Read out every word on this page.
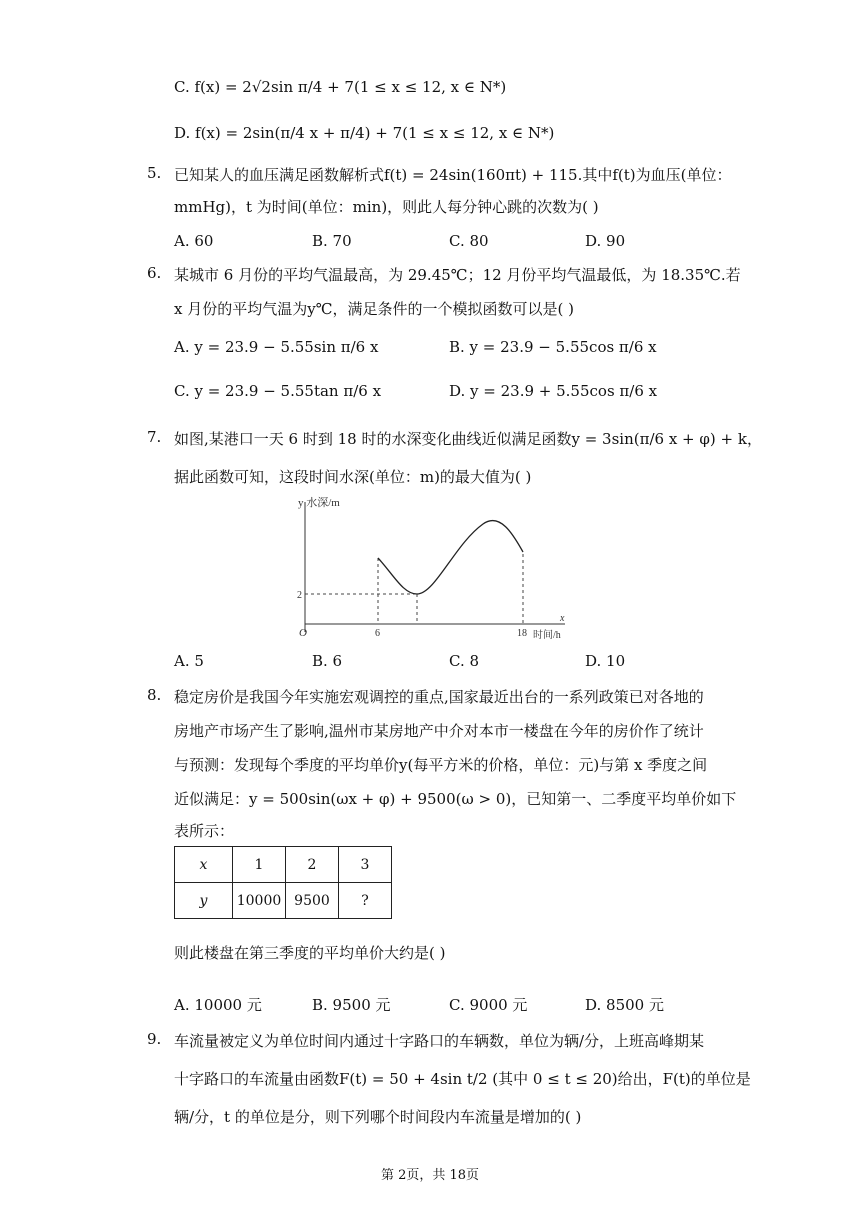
C. f(x) = 2√2sin π/4 + 7(1 ≤ x ≤ 12, x ∈ N*)
D. f(x) = 2sin(π/4 x + π/4) + 7(1 ≤ x ≤ 12, x ∈ N*)
5. 已知某人的血压满足函数解析式f(t) = 24sin(160πt) + 115.其中f(t)为血压(单位：
mmHg)，t 为时间(单位：min)，则此人每分钟心跳的次数为( )
A. 60	B. 70	C. 80	D. 90
6. 某城市 6 月份的平均气温最高，为 29.45℃；12 月份平均气温最低，为 18.35℃.若
x 月份的平均气温为y℃，满足条件的一个模拟函数可以是( )
A. y = 23.9 − 5.55sin π/6 x	B. y = 23.9 − 5.55cos π/6 x
C. y = 23.9 − 5.55tan π/6 x	D. y = 23.9 + 5.55cos π/6 x
7. 如图,某港口一天 6 时到 18 时的水深变化曲线近似满足函数y = 3sin(π/6 x + φ) + k，
据此函数可知，这段时间水深(单位：m)的最大值为( )
y 水深/m
x
时间/h
O
2
6	18
A. 5	B. 6	C. 8	D. 10
8. 稳定房价是我国今年实施宏观调控的重点,国家最近出台的一系列政策已对各地的
房地产市场产生了影响,温州市某房地产中介对本市一楼盘在今年的房价作了统计
与预测：发现每个季度的平均单价y(每平方米的价格，单位：元)与第 x 季度之间
近似满足：y = 500sin(ωx + φ) + 9500(ω > 0)，已知第一、二季度平均单价如下
表所示：
x	1	2	3
y	10000	9500	?
则此楼盘在第三季度的平均单价大约是( )
A. 10000 元	B. 9500 元	C. 9000 元	D. 8500 元
9. 车流量被定义为单位时间内通过十字路口的车辆数，单位为辆/分，上班高峰期某
十字路口的车流量由函数F(t) = 50 + 4sin t/2 (其中 0 ≤ t ≤ 20)给出，F(t)的单位是
辆/分，t 的单位是分，则下列哪个时间段内车流量是增加的( )
第 2页，共 18页
